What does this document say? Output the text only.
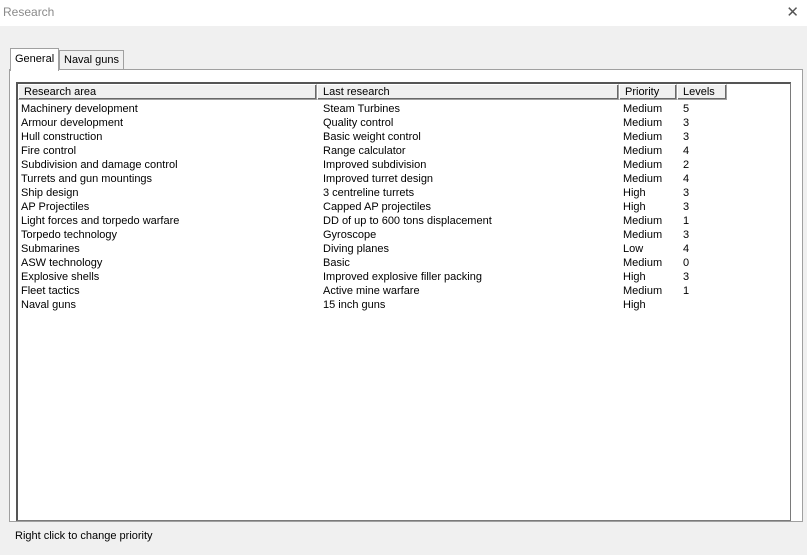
Research	✕
General Naval guns
Research area	Last research	Priority	Levels
Machinery development	Steam Turbines	Medium 5
Armour development	Quality control	Medium 3
Hull construction	Basic weight control	Medium 3
Fire control	Range calculator	Medium 4
Subdivision and damage control	Improved subdivision	Medium 2
Turrets and gun mountings	Improved turret design	Medium 4
Ship design	3 centreline turrets	High	3
AP Projectiles	Capped AP projectiles	High	3
Light forces and torpedo warfare	DD of up to 600 tons displacement	Medium 1
Torpedo technology	Gyroscope	Medium 3
Submarines	Diving planes	Low	4
ASW technology	Basic	Medium 0
Explosive shells	Improved explosive filler packing	High	3
Fleet tactics	Active mine warfare	Medium 1
Naval guns	15 inch guns	High
Right click to change priority
